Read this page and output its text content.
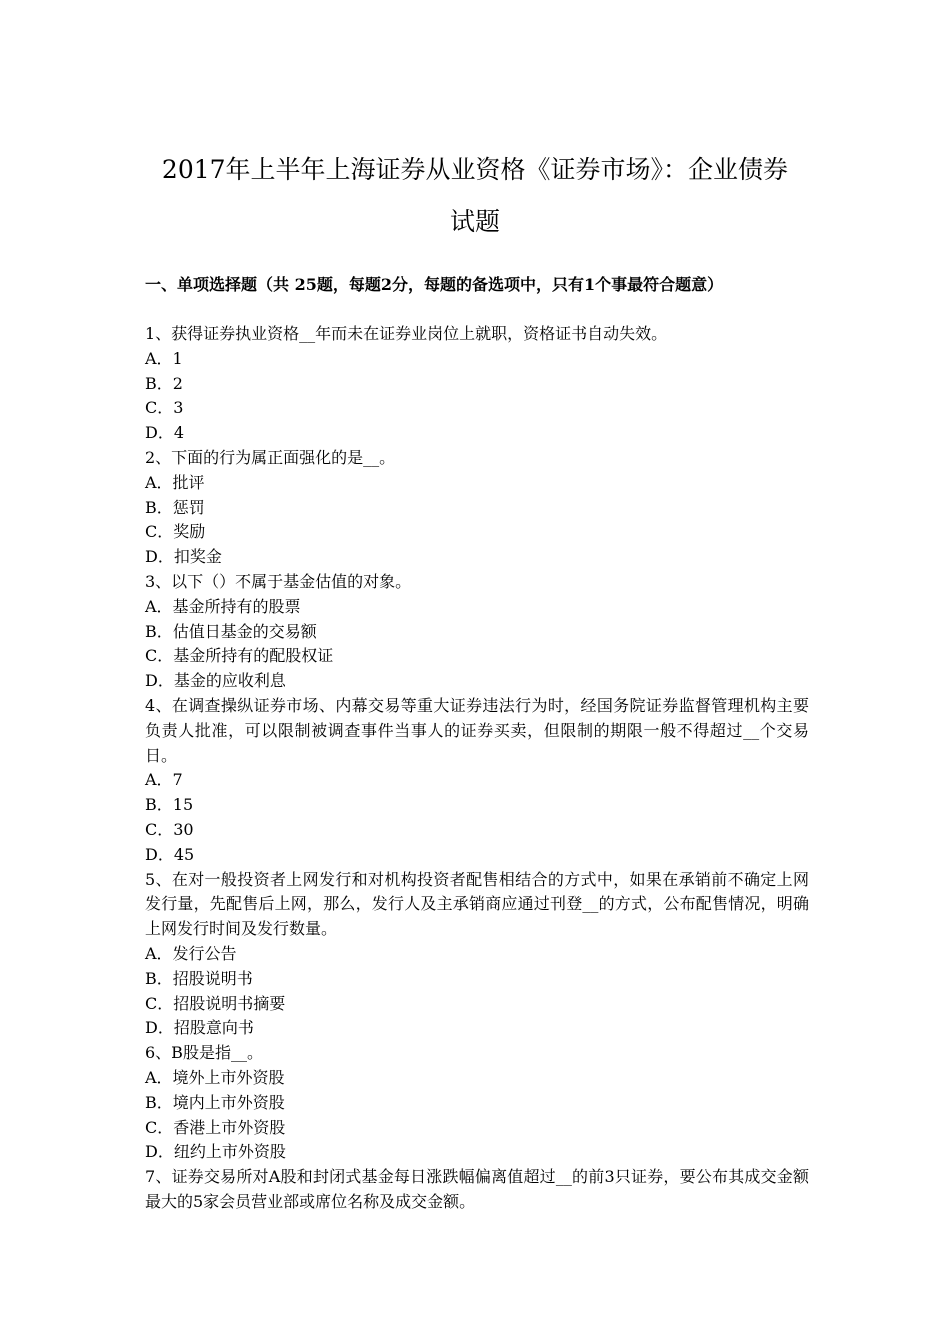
2017年上半年上海证券从业资格《证券市场》：企业债券
试题
一、单项选择题（共 25题，每题2分，每题的备选项中，只有1个事最符合题意）

1、获得证券执业资格__年而未在证券业岗位上就职，资格证书自动失效。

A．1

B．2

C．3

D．4

2、下面的行为属正面强化的是__。

A．批评

B．惩罚

C．奖励

D．扣奖金

3、以下（）不属于基金估值的对象。

A．基金所持有的股票

B．估值日基金的交易额

C．基金所持有的配股权证

D．基金的应收利息

4、在调查操纵证券市场、内幕交易等重大证券违法行为时，经国务院证券监督管理机构主要负责人批准，可以限制被调查事件当事人的证券买卖，但限制的期限一般不得超过__个交易日。

A．7

B．15

C．30

D．45

5、在对一般投资者上网发行和对机构投资者配售相结合的方式中，如果在承销前不确定上网发行量，先配售后上网，那么，发行人及主承销商应通过刊登__的方式，公布配售情况，明确上网发行时间及发行数量。

A．发行公告

B．招股说明书

C．招股说明书摘要

D．招股意向书

6、B股是指__。

A．境外上市外资股

B．境内上市外资股

C．香港上市外资股

D．纽约上市外资股

7、证券交易所对A股和封闭式基金每日涨跌幅偏离值超过__的前3只证券，要公布其成交金额最大的5家会员营业部或席位名称及成交金额。
